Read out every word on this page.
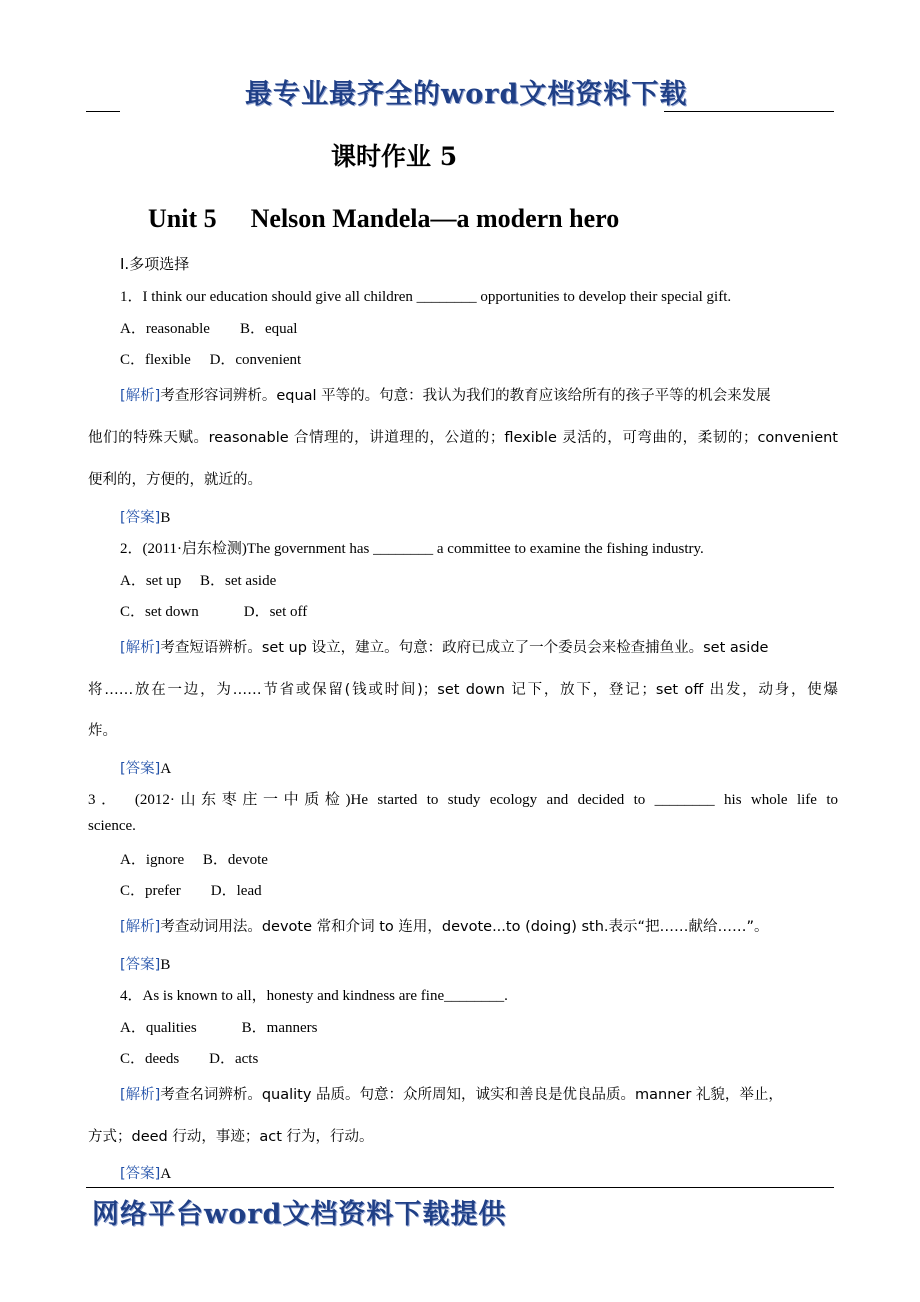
最专业最齐全的word文档资料下载
课时作业 5
Unit 5 Nelson Mandela—a modern hero
Ⅰ.多项选择
1．I think our education should give all children ________ opportunities to develop their special gift.
A．reasonable　　B．equal
C．flexible　 D．convenient
[解析]考查形容词辨析。equal 平等的。句意：我认为我们的教育应该给所有的孩子平等的机会来发展
他们的特殊天赋。reasonable 合情理的，讲道理的，公道的；flexible 灵活的，可弯曲的，柔韧的；convenient
便利的，方便的，就近的。
[答案]B
2．(2011·启东检测)The government has ________ a committee to examine the fishing industry.
A．set up　 B．set aside
C．set down　　　D．set off
[解析]考查短语辨析。set up 设立，建立。句意：政府已成立了一个委员会来检查捕鱼业。set aside
将……放在一边，为……节省或保留(钱或时间)；set down 记下，放下，登记；set off 出发，动身，使爆
炸。
[答案]A
3．　(2012·山东枣庄一中质检)He started to study ecology and decided to ________ his whole life to
science.
A．ignore　 B．devote
C．prefer　　D．lead
[解析]考查动词用法。devote 常和介词 to 连用，devote...to (doing) sth.表示“把……献给……”。
[答案]B
4．As is known to all，honesty and kindness are fine________.
A．qualities　　　B．manners
C．deeds　　D．acts
[解析]考查名词辨析。quality 品质。句意：众所周知，诚实和善良是优良品质。manner 礼貌，举止，
方式；deed 行动，事迹；act 行为，行动。
[答案]A
网络平台word文档资料下载提供
